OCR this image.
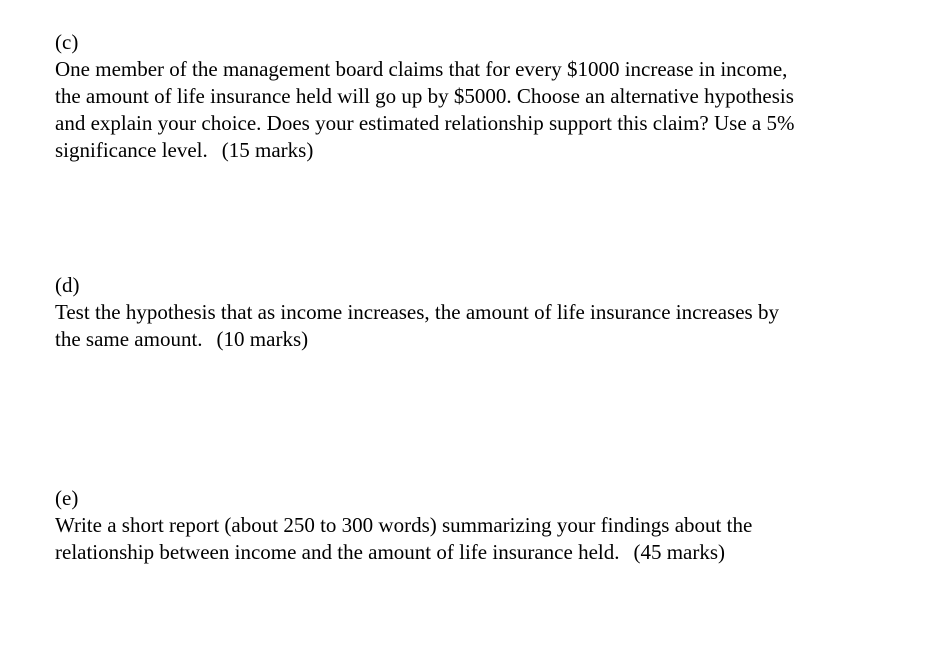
(c)
One member of the management board claims that for every $1000 increase in income,
the amount of life insurance held will go up by $5000. Choose an alternative hypothesis
and explain your choice. Does your estimated relationship support this claim? Use a 5%
significance level. (15 marks)
(d)
Test the hypothesis that as income increases, the amount of life insurance increases by
the same amount. (10 marks)
(e)
Write a short report (about 250 to 300 words) summarizing your findings about the
relationship between income and the amount of life insurance held. (45 marks)
